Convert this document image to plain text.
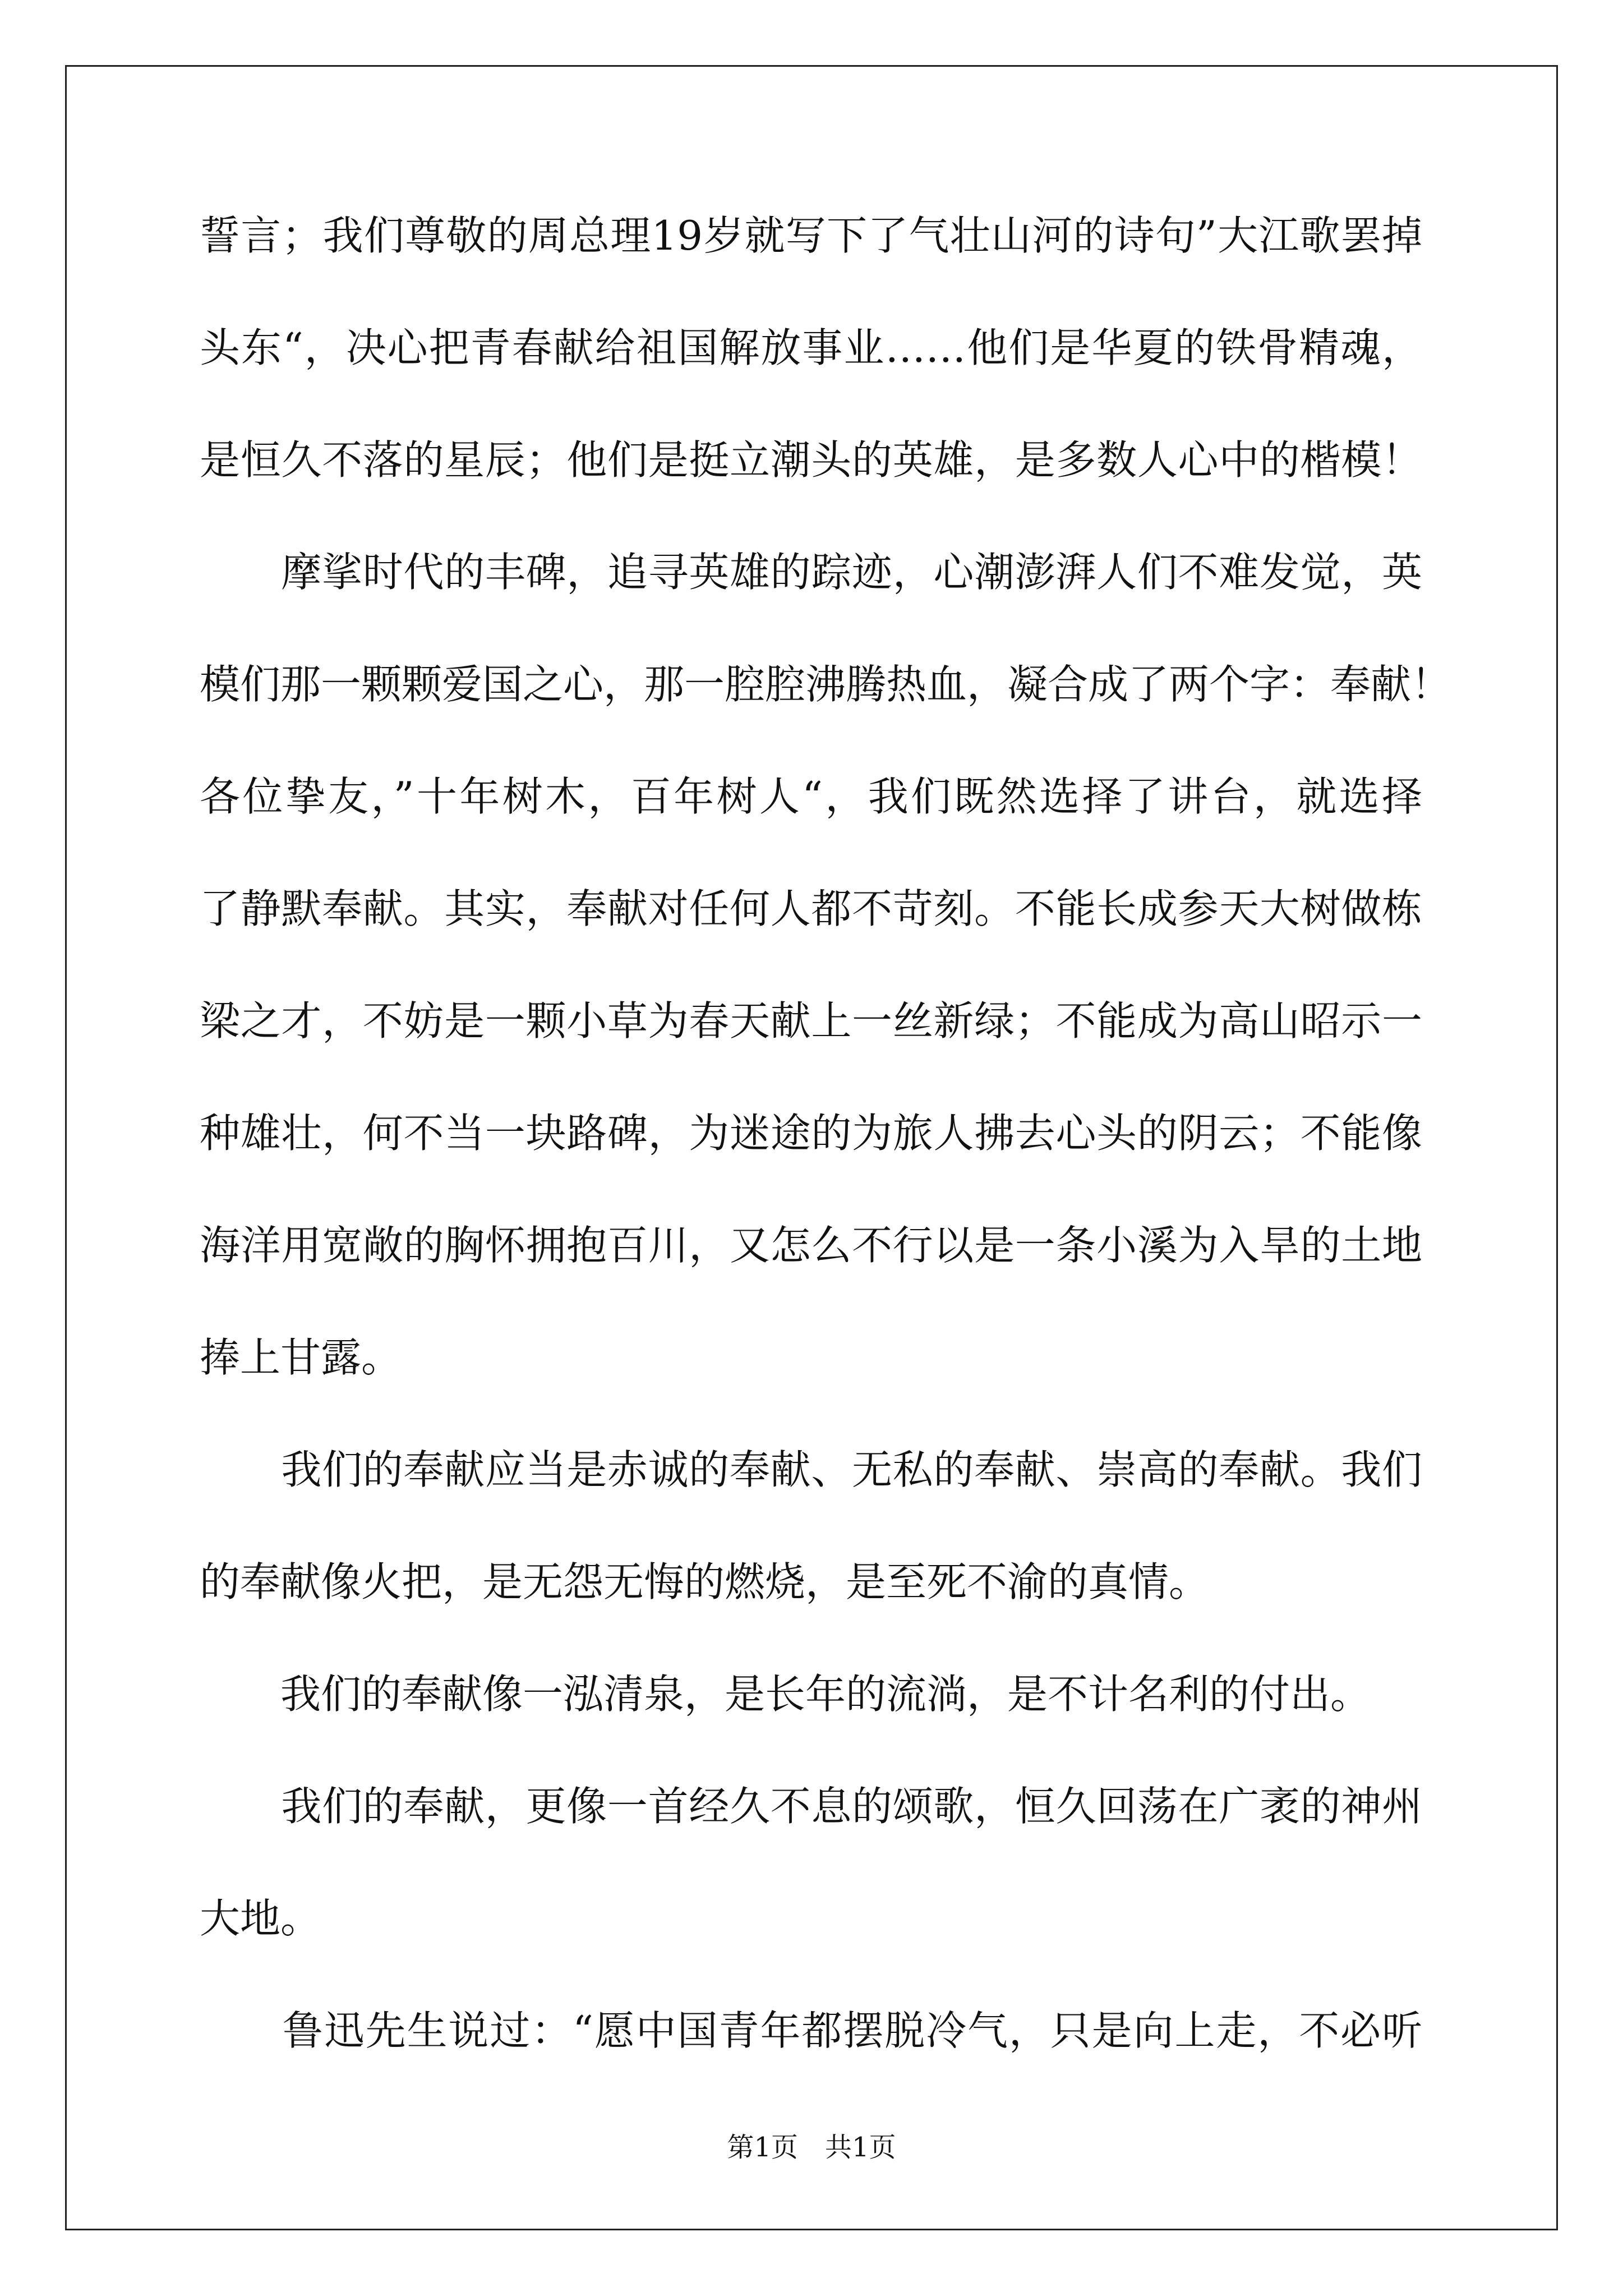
誓言；我们尊敬的周总理19岁就写下了气壮山河的诗句”大江歌罢掉
头东“，决心把青春献给祖国解放事业……他们是华夏的铁骨精魂，
是恒久不落的星辰；他们是挺立潮头的英雄，是多数人心中的楷模！
　　摩挲时代的丰碑，追寻英雄的踪迹，心潮澎湃人们不难发觉，英
模们那一颗颗爱国之心，那一腔腔沸腾热血，凝合成了两个字：奉献！
各位挚友，”十年树木，百年树人“，我们既然选择了讲台，就选择
了静默奉献。其实，奉献对任何人都不苛刻。不能长成参天大树做栋
梁之才，不妨是一颗小草为春天献上一丝新绿；不能成为高山昭示一
种雄壮，何不当一块路碑，为迷途的为旅人拂去心头的阴云；不能像
海洋用宽敞的胸怀拥抱百川，又怎么不行以是一条小溪为入旱的土地
捧上甘露。
　　我们的奉献应当是赤诚的奉献、无私的奉献、崇高的奉献。我们
的奉献像火把，是无怨无悔的燃烧，是至死不渝的真情。
　　我们的奉献像一泓清泉，是长年的流淌，是不计名利的付出。
　　我们的奉献，更像一首经久不息的颂歌，恒久回荡在广袤的神州
大地。
　　鲁迅先生说过：“愿中国青年都摆脱冷气，只是向上走，不必听
第1页　共1页
